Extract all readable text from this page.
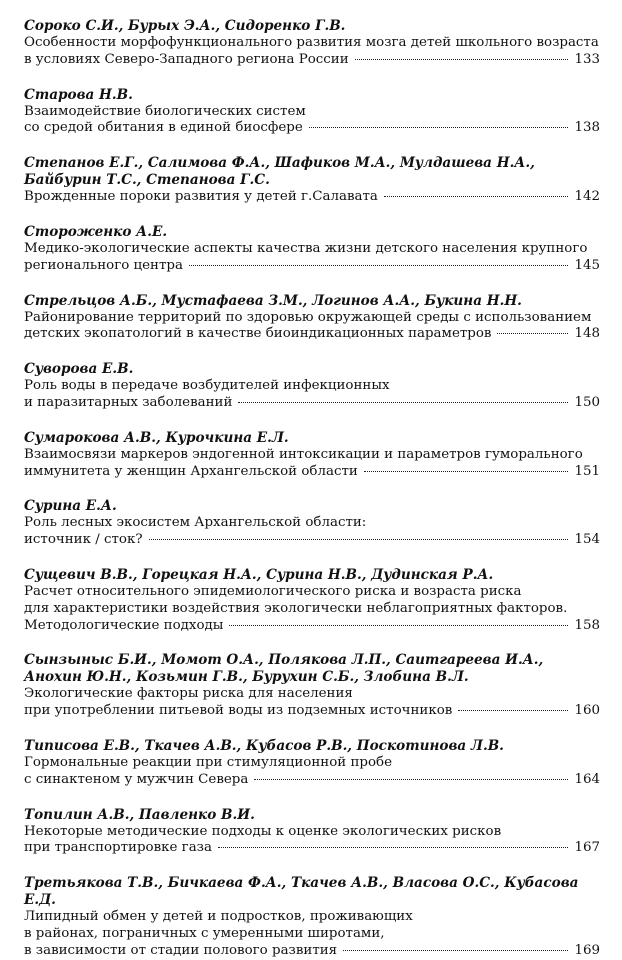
Сороко С.И., Бурых Э.А., Сидоренко Г.В.
Особенности морфофункционального развития мозга детей школьного возраста
в условиях Северо-Западного региона России	133
Старова Н.В.
Взаимодействие биологических систем
со средой обитания в единой биосфере	138
Степанов Е.Г., Салимова Ф.А., Шафиков М.А., Мулдашева Н.А.,
Байбурин Т.С., Степанова Г.С.
Врожденные пороки развития у детей г.Салавата	142
Стороженко А.Е.
Медико-экологические аспекты качества жизни детского населения крупного
регионального центра	145
Стрельцов А.Б., Мустафаева З.М., Логинов А.А., Букина Н.Н.
Районирование территорий по здоровью окружающей среды с использованием
детских экопатологий в качестве биоиндикационных параметров	148
Суворова Е.В.
Роль воды в передаче возбудителей инфекционных
и паразитарных заболеваний	150
Сумарокова А.В., Курочкина Е.Л.
Взаимосвязи маркеров эндогенной интоксикации и параметров гуморального
иммунитета у женщин Архангельской области	151
Сурина Е.А.
Роль лесных экосистем Архангельской области:
источник / сток?	154
Сущевич В.В., Горецкая Н.А., Сурина Н.В., Дудинская Р.А.
Расчет относительного эпидемиологического риска и возраста риска
для характеристики воздействия экологически неблагоприятных факторов.
Методологические подходы	158
Сынзыныс Б.И., Момот О.А., Полякова Л.П., Саитгареева И.А.,
Анохин Ю.Н., Козьмин Г.В., Бурухин С.Б., Злобина В.Л.
Экологические факторы риска для населения
при употреблении питьевой воды из подземных источников	160
Типисова Е.В., Ткачев А.В., Кубасов Р.В., Поскотинова Л.В.
Гормональные реакции при стимуляционной пробе
с синактеном у мужчин Севера	164
Топилин А.В., Павленко В.И.
Некоторые методические подходы к оценке экологических рисков
при транспортировке газа	167
Третьякова Т.В., Бичкаева Ф.А., Ткачев А.В., Власова О.С., Кубасова Е.Д.
Липидный обмен у детей и подростков, проживающих
в районах, пограничных с умеренными широтами,
в зависимости от стадии полового развития	169
